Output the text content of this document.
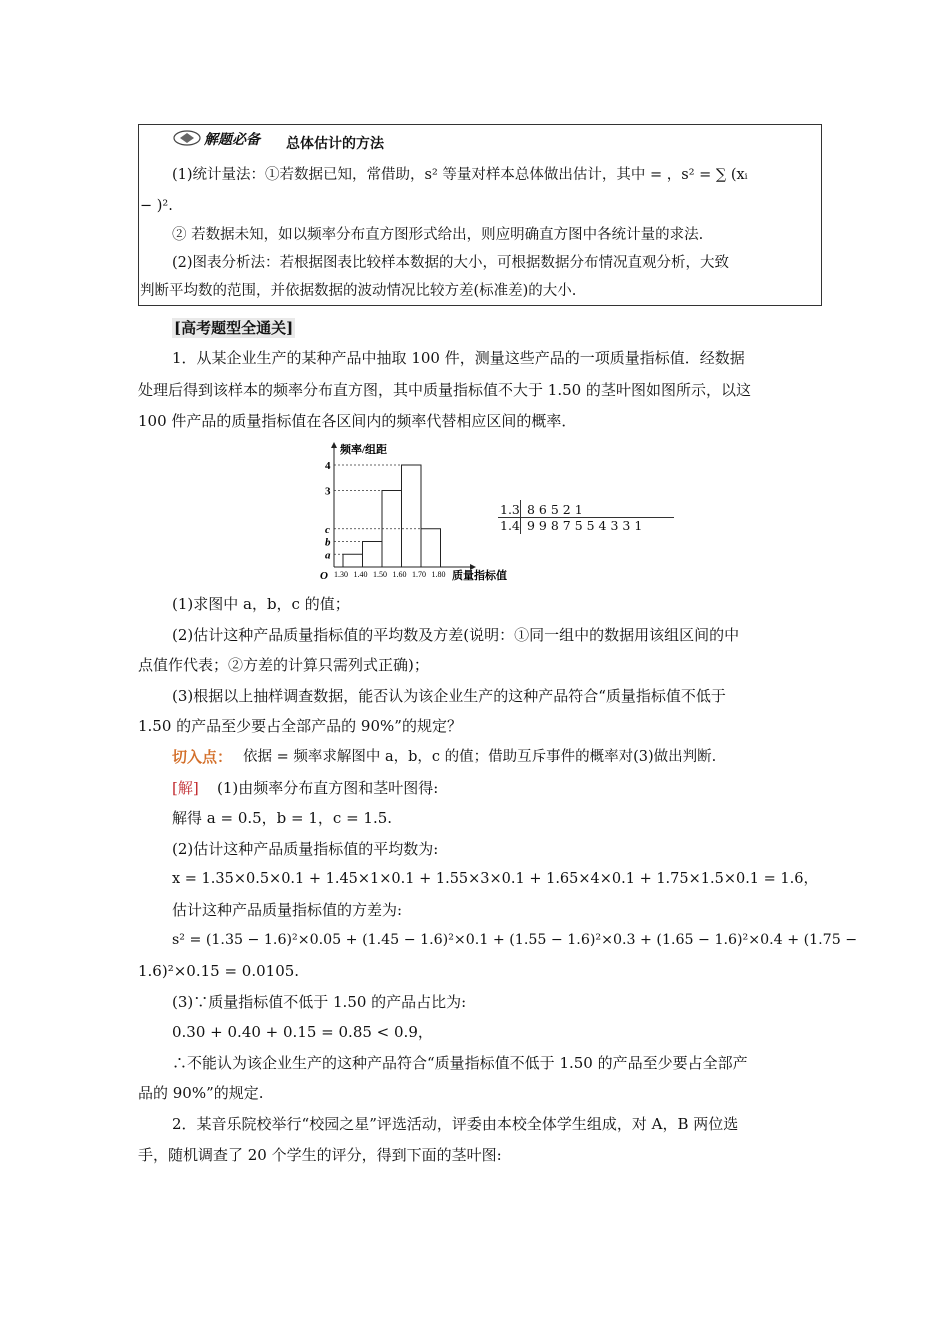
解题必备 总体估计的方法
(1)统计量法：①若数据已知，常借助，s² 等量对样本总体做出估计，其中 = ，s² = ∑ (xᵢ
− )².
② 若数据未知，如以频率分布直方图形式给出，则应明确直方图中各统计量的求法.
(2)图表分析法：若根据图表比较样本数据的大小，可根据数据分布情况直观分析，大致
判断平均数的范围，并依据数据的波动情况比较方差(标准差)的大小.
[高考题型全通关]
1．从某企业生产的某种产品中抽取 100 件，测量这些产品的一项质量指标值．经数据
处理后得到该样本的频率分布直方图，其中质量指标值不大于 1.50 的茎叶图如图所示，以这
100 件产品的质量指标值在各区间内的频率代替相应区间的概率．
频率/组距
质量指标值
O
a
b
c
3
4
1.30 1.40 1.50 1.60 1.70 1.80
1.3 8 6 5 2 1
1.4 9 9 8 7 5 5 4 3 3 1
(1)求图中 a，b，c 的值；
(2)估计这种产品质量指标值的平均数及方差(说明：①同一组中的数据用该组区间的中
点值作代表；②方差的计算只需列式正确)；
(3)根据以上抽样调查数据，能否认为该企业生产的这种产品符合“质量指标值不低于
1.50 的产品至少要占全部产品的 90%”的规定？
切入点： 依据 = 频率求解图中 a，b，c 的值；借助互斥事件的概率对(3)做出判断.
[解] (1)由频率分布直方图和茎叶图得:
解得 a = 0.5，b = 1，c = 1.5.
(2)估计这种产品质量指标值的平均数为:
x = 1.35×0.5×0.1 + 1.45×1×0.1 + 1.55×3×0.1 + 1.65×4×0.1 + 1.75×1.5×0.1 = 1.6，
估计这种产品质量指标值的方差为:
s² = (1.35 − 1.6)²×0.05 + (1.45 − 1.6)²×0.1 + (1.55 − 1.6)²×0.3 + (1.65 − 1.6)²×0.4 + (1.75 −
1.6)²×0.15 = 0.0105.
(3)∵质量指标值不低于 1.50 的产品占比为:
0.30 + 0.40 + 0.15 = 0.85 < 0.9，
∴不能认为该企业生产的这种产品符合“质量指标值不低于 1.50 的产品至少要占全部产
品的 90%”的规定.
2．某音乐院校举行“校园之星”评选活动，评委由本校全体学生组成，对 A，B 两位选
手，随机调查了 20 个学生的评分，得到下面的茎叶图:
